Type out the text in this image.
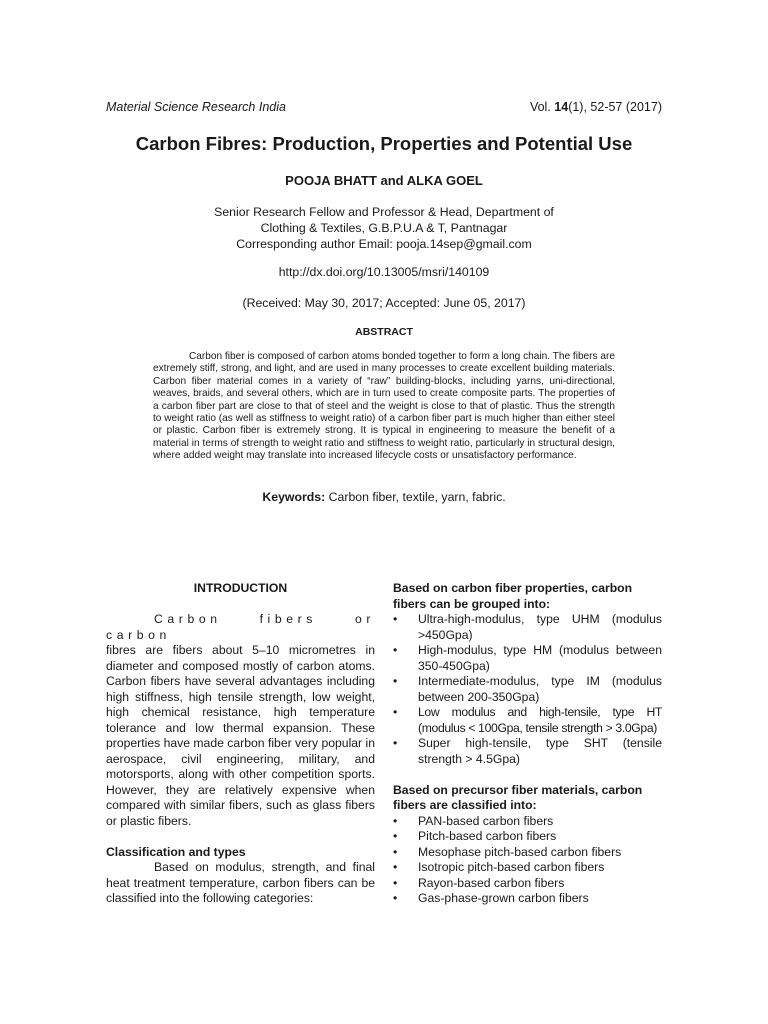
Material Science Research India	Vol. 14(1), 52-57 (2017)
Carbon Fibres: Production, Properties and Potential Use
POOJA BHATT and ALKA GOEL
Senior Research Fellow and Professor & Head, Department of
Clothing & Textiles, G.B.P.U.A & T, Pantnagar
Corresponding author Email: pooja.14sep@gmail.com
http://dx.doi.org/10.13005/msri/140109
(Received: May 30, 2017; Accepted: June 05, 2017)
ABSTRACT
Carbon fiber is composed of carbon atoms bonded together to form a long chain. The fibers are extremely stiff, strong, and light, and are used in many processes to create excellent building materials. Carbon fiber material comes in a variety of “raw” building-blocks, including yarns, uni-directional, weaves, braids, and several others, which are in turn used to create composite parts. The properties of a carbon fiber part are close to that of steel and the weight is close to that of plastic. Thus the strength to weight ratio (as well as stiffness to weight ratio) of a carbon fiber part is much higher than either steel or plastic. Carbon fiber is extremely strong. It is typical in engineering to measure the benefit of a material in terms of strength to weight ratio and stiffness to weight ratio, particularly in structural design, where added weight may translate into increased lifecycle costs or unsatisfactory performance.
Keywords: Carbon fiber, textile, yarn, fabric.
INTRODUCTION

Carbon fibers or carbon

fibres are fibers about 5–10 micrometres in diameter and composed mostly of carbon atoms. Carbon fibers have several advantages including high stiffness, high tensile strength, low weight, high chemical resistance, high temperature tolerance and low thermal expansion. These properties have made carbon fiber very popular in aerospace, civil engineering, military, and motorsports, along with other competition sports. However, they are relatively expensive when compared with similar fibers, such as glass fibers or plastic fibers.

Classification and types

Based on modulus, strength, and final heat treatment temperature, carbon fibers can be classified into the following categories:

Based on carbon fiber properties, carbon fibers can be grouped into:
• Ultra-high-modulus, type UHM (modulus >450Gpa)
• High-modulus, type HM (modulus between 350-450Gpa)
• Intermediate-modulus, type IM (modulus between 200-350Gpa)
• Low modulus and high-tensile, type HT (modulus < 100Gpa, tensile strength > 3.0Gpa)
• Super high-tensile, type SHT (tensile strength > 4.5Gpa)
Based on precursor fiber materials, carbon fibers are classified into:
• PAN-based carbon fibers
• Pitch-based carbon fibers
• Mesophase pitch-based carbon fibers
• Isotropic pitch-based carbon fibers
• Rayon-based carbon fibers
• Gas-phase-grown carbon fibers
